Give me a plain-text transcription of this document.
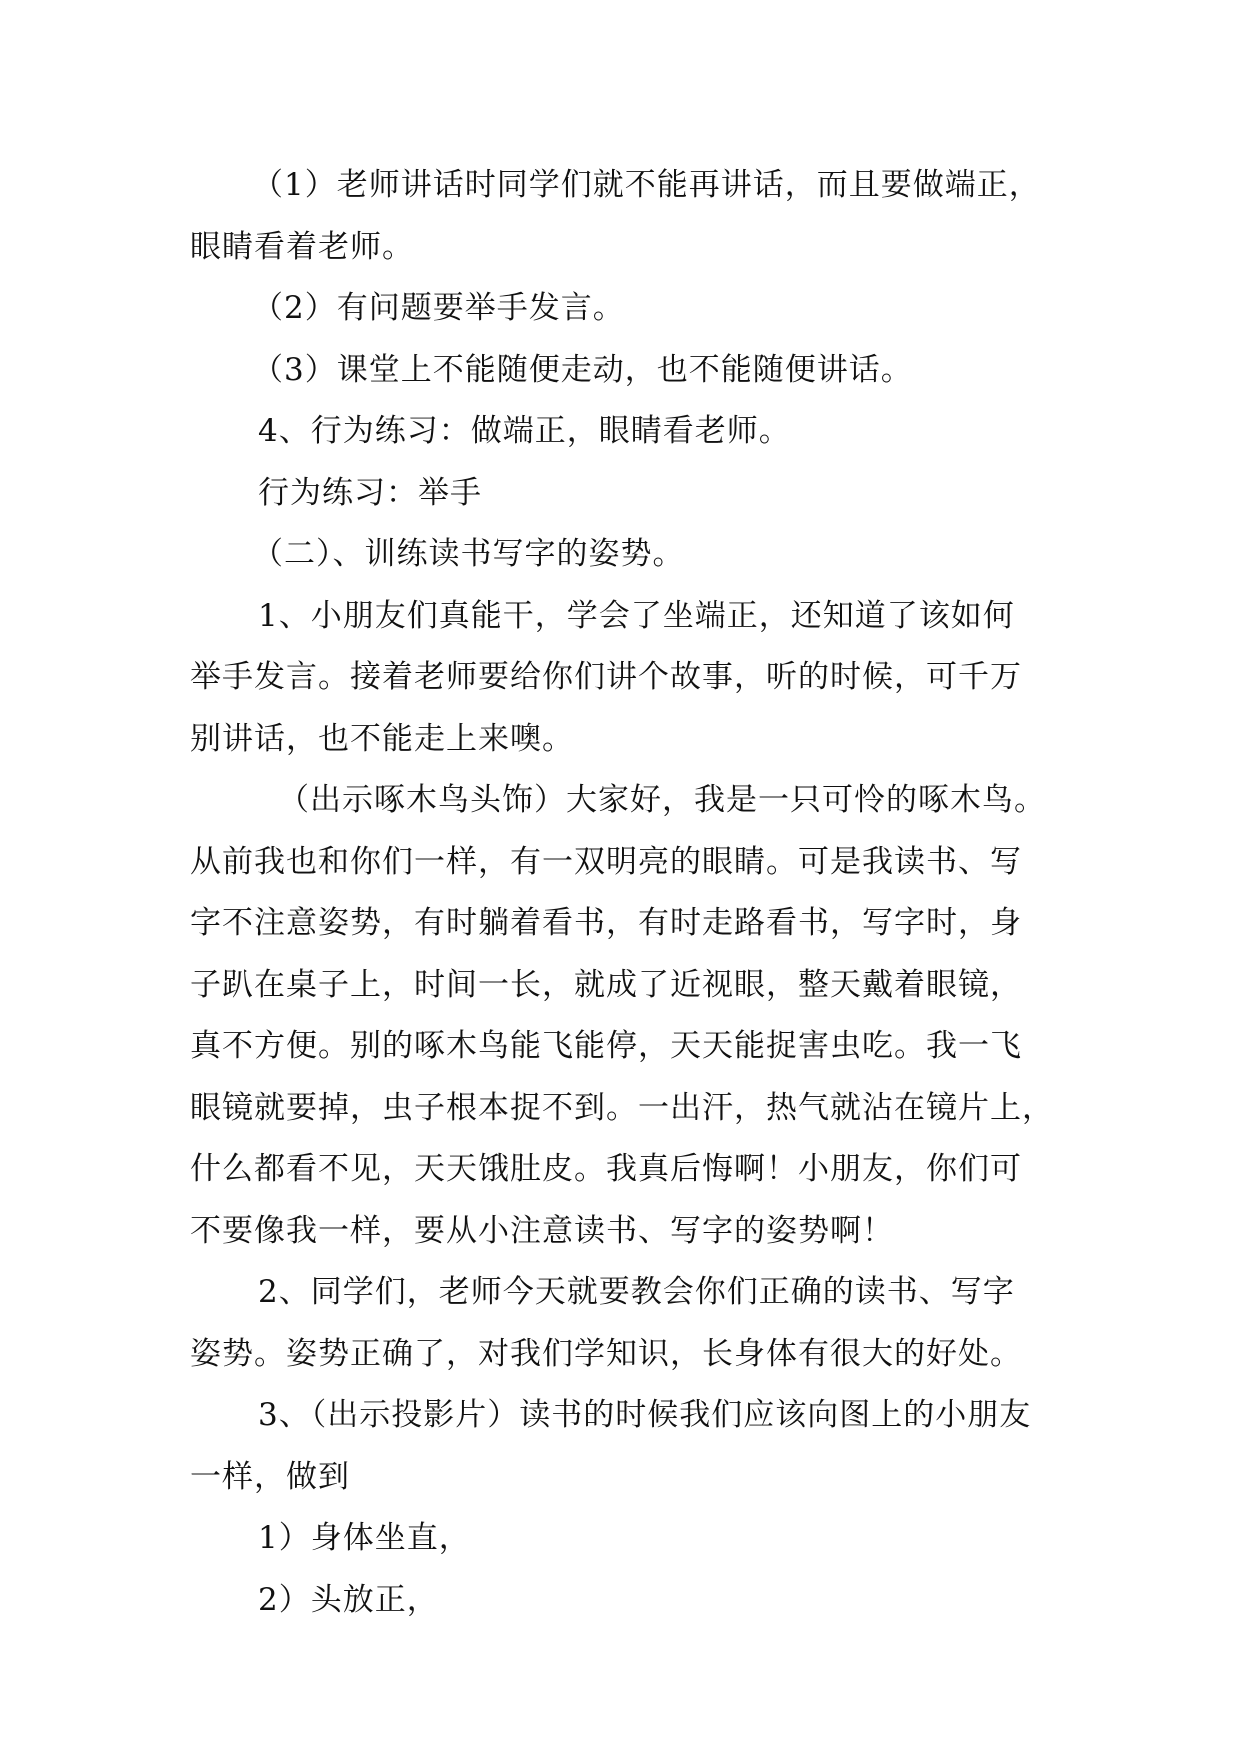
（1）老师讲话时同学们就不能再讲话，而且要做端正，
眼睛看着老师。
（2）有问题要举手发言。
（3）课堂上不能随便走动，也不能随便讲话。
4、行为练习：做端正，眼睛看老师。
行为练习：举手
（二）、训练读书写字的姿势。
1、小朋友们真能干，学会了坐端正，还知道了该如何
举手发言。接着老师要给你们讲个故事，听的时候，可千万
别讲话，也不能走上来噢。
（出示啄木鸟头饰）大家好，我是一只可怜的啄木鸟。
从前我也和你们一样，有一双明亮的眼睛。可是我读书、写
字不注意姿势，有时躺着看书，有时走路看书，写字时，身
子趴在桌子上，时间一长，就成了近视眼，整天戴着眼镜，
真不方便。别的啄木鸟能飞能停，天天能捉害虫吃。我一飞
眼镜就要掉，虫子根本捉不到。一出汗，热气就沾在镜片上，
什么都看不见，天天饿肚皮。我真后悔啊！小朋友，你们可
不要像我一样，要从小注意读书、写字的姿势啊！
2、同学们，老师今天就要教会你们正确的读书、写字
姿势。姿势正确了，对我们学知识，长身体有很大的好处。
3、（出示投影片）读书的时候我们应该向图上的小朋友
一样，做到
1）身体坐直，
2）头放正，
